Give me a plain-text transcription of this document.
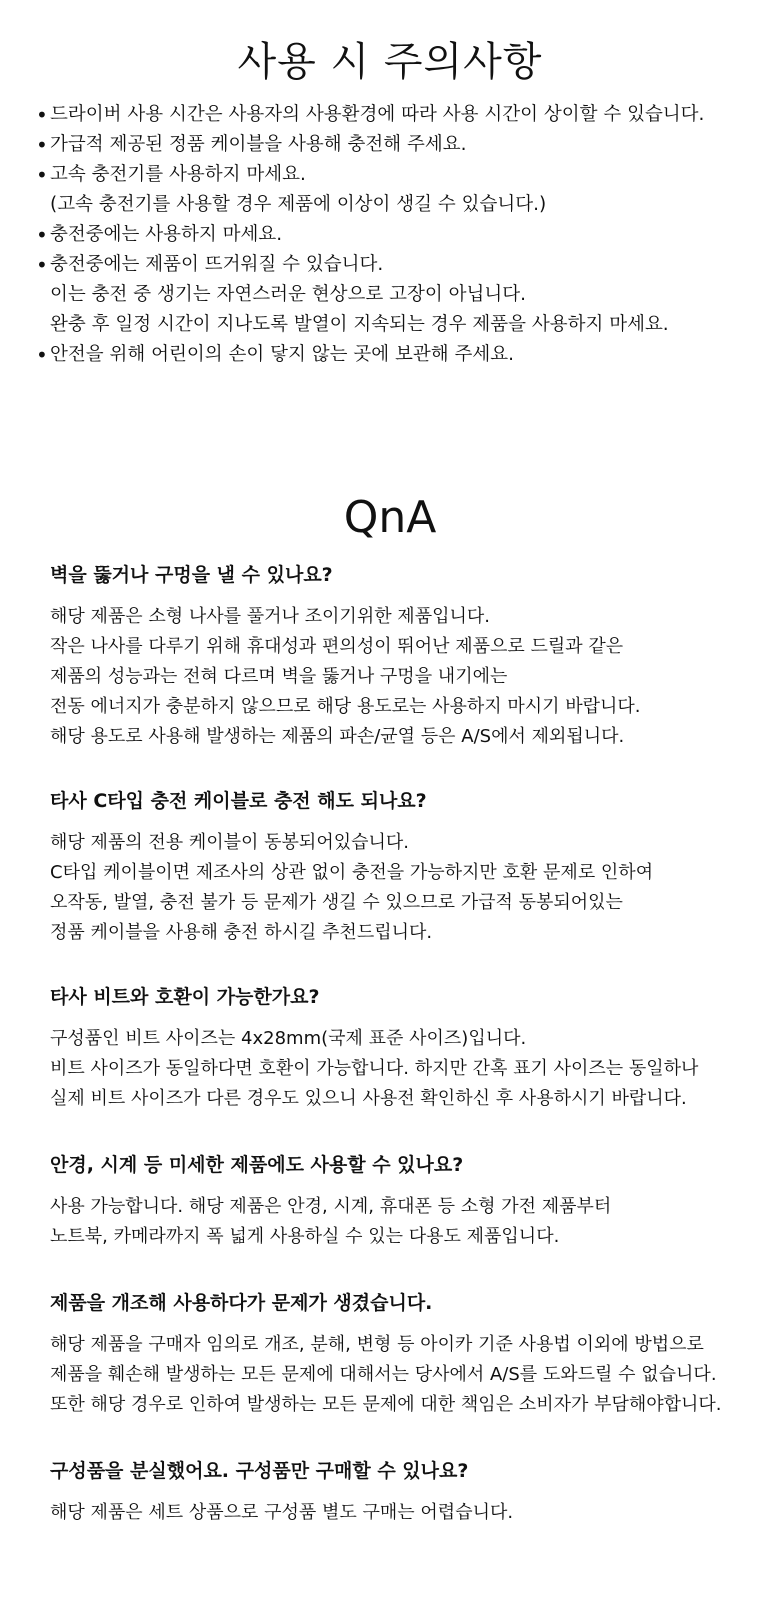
사용 시 주의사항
• 드라이버 사용 시간은 사용자의 사용환경에 따라 사용 시간이 상이할 수 있습니다.
• 가급적 제공된 정품 케이블을 사용해 충전해 주세요.
• 고속 충전기를 사용하지 마세요.
(고속 충전기를 사용할 경우 제품에 이상이 생길 수 있습니다.)
• 충전중에는 사용하지 마세요.
• 충전중에는 제품이 뜨거워질 수 있습니다.
이는 충전 중 생기는 자연스러운 현상으로 고장이 아닙니다.
완충 후 일정 시간이 지나도록 발열이 지속되는 경우 제품을 사용하지 마세요.
• 안전을 위해 어린이의 손이 닿지 않는 곳에 보관해 주세요.
QnA
벽을 뚫거나 구멍을 낼 수 있나요?

해당 제품은 소형 나사를 풀거나 조이기위한 제품입니다.
작은 나사를 다루기 위해 휴대성과 편의성이 뛰어난 제품으로 드릴과 같은
제품의 성능과는 전혀 다르며 벽을 뚫거나 구멍을 내기에는
전동 에너지가 충분하지 않으므로 해당 용도로는 사용하지 마시기 바랍니다.
해당 용도로 사용해 발생하는 제품의 파손/균열 등은 A/S에서 제외됩니다.

타사 C타입 충전 케이블로 충전 해도 되나요?

해당 제품의 전용 케이블이 동봉되어있습니다.
C타입 케이블이면 제조사의 상관 없이 충전을 가능하지만 호환 문제로 인하여
오작동, 발열, 충전 불가 등 문제가 생길 수 있으므로 가급적 동봉되어있는
정품 케이블을 사용해 충전 하시길 추천드립니다.

타사 비트와 호환이 가능한가요?

구성품인 비트 사이즈는 4x28mm(국제 표준 사이즈)입니다.
비트 사이즈가 동일하다면 호환이 가능합니다. 하지만 간혹 표기 사이즈는 동일하나
실제 비트 사이즈가 다른 경우도 있으니 사용전 확인하신 후 사용하시기 바랍니다.

안경, 시계 등 미세한 제품에도 사용할 수 있나요?

사용 가능합니다. 해당 제품은 안경, 시계, 휴대폰 등 소형 가전 제품부터
노트북, 카메라까지 폭 넓게 사용하실 수 있는 다용도 제품입니다.

제품을 개조해 사용하다가 문제가 생겼습니다.

해당 제품을 구매자 임의로 개조, 분해, 변형 등 아이카 기준 사용법 이외에 방법으로
제품을 훼손해 발생하는 모든 문제에 대해서는 당사에서 A/S를 도와드릴 수 없습니다.
또한 해당 경우로 인하여 발생하는 모든 문제에 대한 책임은 소비자가 부담해야합니다.

구성품을 분실했어요. 구성품만 구매할 수 있나요?

해당 제품은 세트 상품으로 구성품 별도 구매는 어렵습니다.
